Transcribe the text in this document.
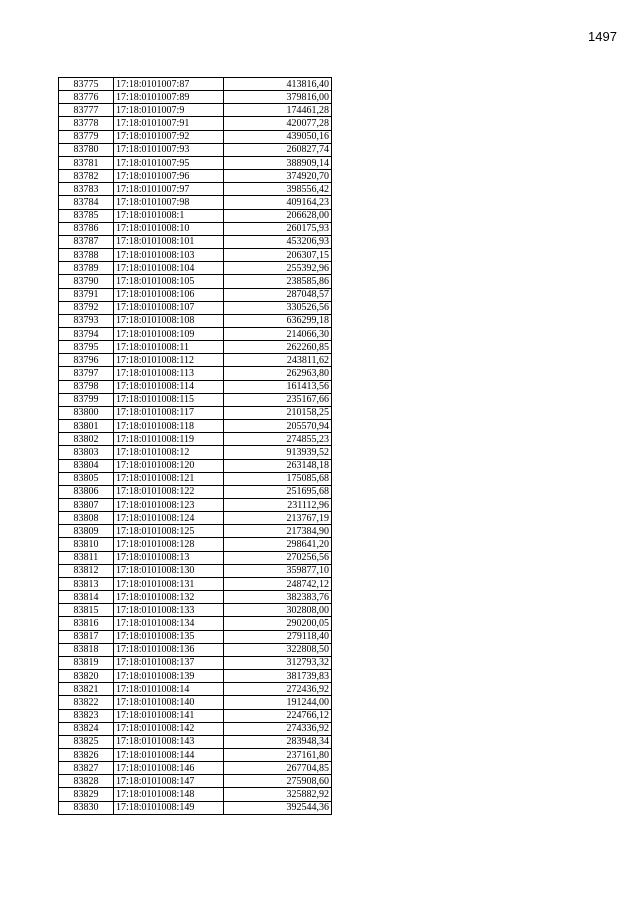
1497
83775	17:18:0101007:87	413816,40
83776	17:18:0101007:89	379816,00
83777	17:18:0101007:9	174461,28
83778	17:18:0101007:91	420077,28
83779	17:18:0101007:92	439050,16
83780	17:18:0101007:93	260827,74
83781	17:18:0101007:95	388909,14
83782	17:18:0101007:96	374920,70
83783	17:18:0101007:97	398556,42
83784	17:18:0101007:98	409164,23
83785	17:18:0101008:1	206628,00
83786	17:18:0101008:10	260175,93
83787	17:18:0101008:101	453206,93
83788	17:18:0101008:103	206307,15
83789	17:18:0101008:104	255392,96
83790	17:18:0101008:105	238585,86
83791	17:18:0101008:106	287048,57
83792	17:18:0101008:107	330526,56
83793	17:18:0101008:108	636299,18
83794	17:18:0101008:109	214066,30
83795	17:18:0101008:11	262260,85
83796	17:18:0101008:112	243811,62
83797	17:18:0101008:113	262963,80
83798	17:18:0101008:114	161413,56
83799	17:18:0101008:115	235167,66
83800	17:18:0101008:117	210158,25
83801	17:18:0101008:118	205570,94
83802	17:18:0101008:119	274855,23
83803	17:18:0101008:12	913939,52
83804	17:18:0101008:120	263148,18
83805	17:18:0101008:121	175085,68
83806	17:18:0101008:122	251695,68
83807	17:18:0101008:123	231112,96
83808	17:18:0101008:124	213767,19
83809	17:18:0101008:125	217384,90
83810	17:18:0101008:128	298641,20
83811	17:18:0101008:13	270256,56
83812	17:18:0101008:130	359877,10
83813	17:18:0101008:131	248742,12
83814	17:18:0101008:132	382383,76
83815	17:18:0101008:133	302808,00
83816	17:18:0101008:134	290200,05
83817	17:18:0101008:135	279118,40
83818	17:18:0101008:136	322808,50
83819	17:18:0101008:137	312793,32
83820	17:18:0101008:139	381739,83
83821	17:18:0101008:14	272436,92
83822	17:18:0101008:140	191244,00
83823	17:18:0101008:141	224766,12
83824	17:18:0101008:142	274336,92
83825	17:18:0101008:143	283948,34
83826	17:18:0101008:144	237161,80
83827	17:18:0101008:146	267704,85
83828	17:18:0101008:147	275908,60
83829	17:18:0101008:148	325882,92
83830	17:18:0101008:149	392544,36
